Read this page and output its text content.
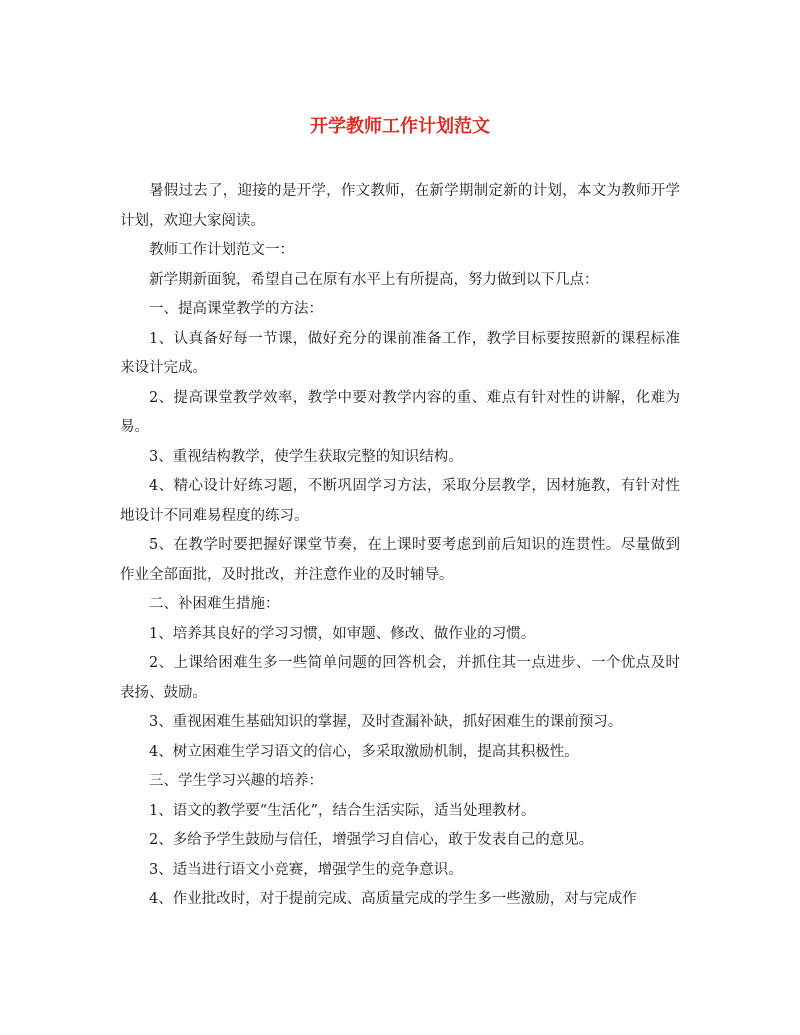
开学教师工作计划范文

暑假过去了，迎接的是开学，作文教师，在新学期制定新的计划，本文为教师开学计划，欢迎大家阅读。

教师工作计划范文一：

新学期新面貌，希望自己在原有水平上有所提高，努力做到以下几点：

一、提高课堂教学的方法：

1、认真备好每一节课，做好充分的课前准备工作，教学目标要按照新的课程标准来设计完成。

2、提高课堂教学效率，教学中要对教学内容的重、难点有针对性的讲解，化难为易。

3、重视结构教学，使学生获取完整的知识结构。

4、精心设计好练习题，不断巩固学习方法，采取分层教学，因材施教，有针对性地设计不同难易程度的练习。

5、在教学时要把握好课堂节奏，在上课时要考虑到前后知识的连贯性。尽量做到作业全部面批，及时批改，并注意作业的及时辅导。

二、补困难生措施：

1、培养其良好的学习习惯，如审题、修改、做作业的习惯。

2、上课给困难生多一些简单问题的回答机会，并抓住其一点进步、一个优点及时表扬、鼓励。

3、重视困难生基础知识的掌握，及时查漏补缺，抓好困难生的课前预习。

4、树立困难生学习语文的信心，多采取激励机制，提高其积极性。

三、学生学习兴趣的培养：

1、语文的教学要“生活化”，结合生活实际，适当处理教材。

2、多给予学生鼓励与信任，增强学习自信心，敢于发表自己的意见。

3、适当进行语文小竞赛，增强学生的竞争意识。

4、作业批改时，对于提前完成、高质量完成的学生多一些激励，对与完成作
